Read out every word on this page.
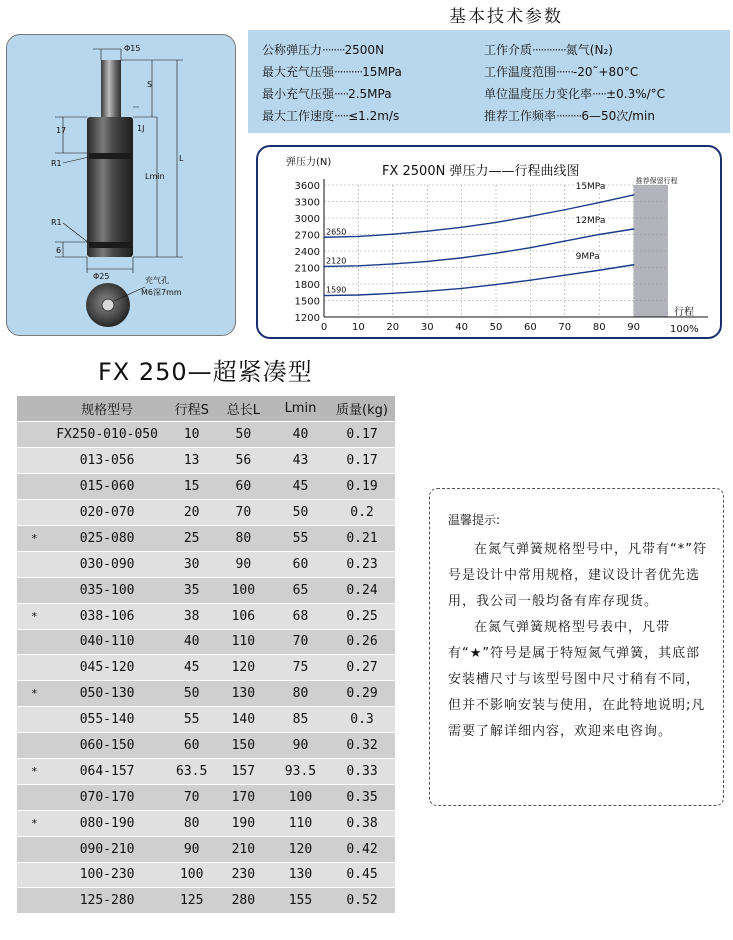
基本技术参数
Φ15
S
1J
L
Lmin
17
R1
R1
6
Φ25	充气孔
M6深7mm
公称弹压力········2500N	工作介质············氮气(N₂)
最大充气压强··········15MPa	工作温度范围······-20˜+80°C
最小充气压强·····2.5MPa	单位温度压力变化率·····±0.3%/°C
最大工作速度·····≤1.2m/s	推荐工作频率·········6—50次/min
FX 2500N 弹压力——行程曲线图
弹压力(N)
行程
100%
推荐保留行程
1200
1500
1800
2100
2400
2700
3000
3300
3600
0 10 20 30 40 50 60 70 80 90
15MPa
2650
12MPa
2120	9MPa
1590
FX 250—超紧凑型
	规格型号	行程S	总长L	Lmin	质量(kg)
	FX250-010-050	10	50	40	0.17
	013-056	13	56	43	0.17
	015-060	15	60	45	0.19
	020-070	20	70	50	0.2
*	025-080	25	80	55	0.21
	030-090	30	90	60	0.23
	035-100	35	100	65	0.24
*	038-106	38	106	68	0.25
	040-110	40	110	70	0.26
	045-120	45	120	75	0.27
*	050-130	50	130	80	0.29
	055-140	55	140	85	0.3
	060-150	60	150	90	0.32
*	064-157	63.5	157	93.5	0.33
	070-170	70	170	100	0.35
*	080-190	80	190	110	0.38
	090-210	90	210	120	0.42
	100-230	100	230	130	0.45
	125-280	125	280	155	0.52
温馨提示:

在氮气弹簧规格型号中，凡带有“*”符号是设计中常用规格，建议设计者优先选用，我公司一般均备有库存现货。

在氮气弹簧规格型号表中，凡带有“★”符号是属于特短氮气弹簧，其底部安装槽尺寸与该型号图中尺寸稍有不同，但并不影响安装与使用，在此特地说明;凡需要了解详细内容，欢迎来电咨询。
